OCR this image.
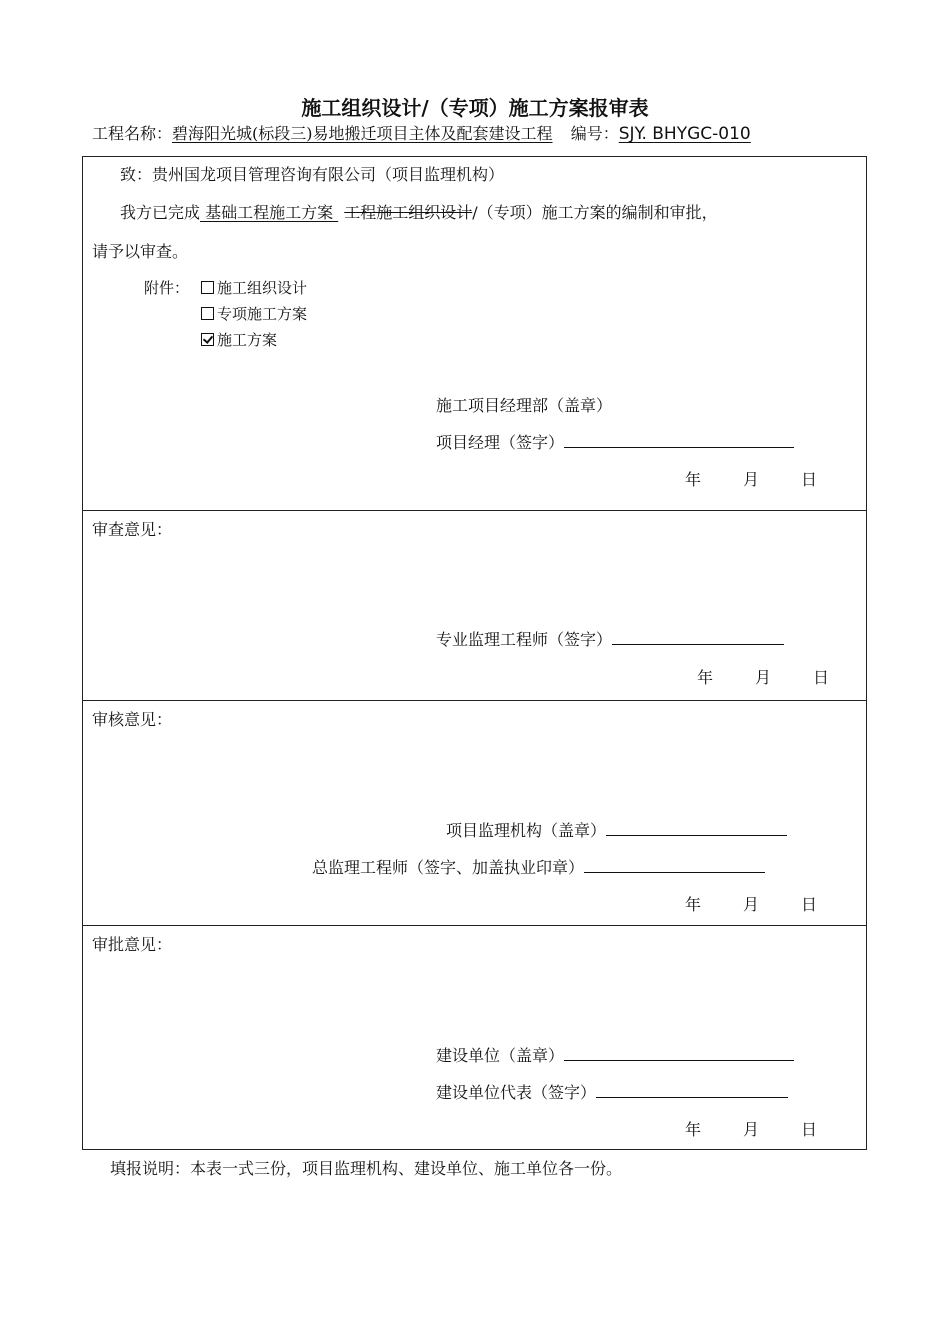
施工组织设计/（专项）施工方案报审表
工程名称：碧海阳光城(标段三)易地搬迁项目主体及配套建设工程 编号：SJY. BHYGC-010
致：贵州国龙项目管理咨询有限公司（项目监理机构）
我方已完成 基础工程施工方案 工程施工组织设计/（专项）施工方案的编制和审批，
请予以审查。
附件：	施工组织设计
专项施工方案
施工方案
施工项目经理部（盖章）
项目经理（签字）
年	月	日
审查意见：
专业监理工程师（签字）
年	月	日
审核意见：
项目监理机构（盖章）
总监理工程师（签字、加盖执业印章）
年	月	日
审批意见：
建设单位（盖章）
建设单位代表（签字）
年	月	日
填报说明：本表一式三份，项目监理机构、建设单位、施工单位各一份。
